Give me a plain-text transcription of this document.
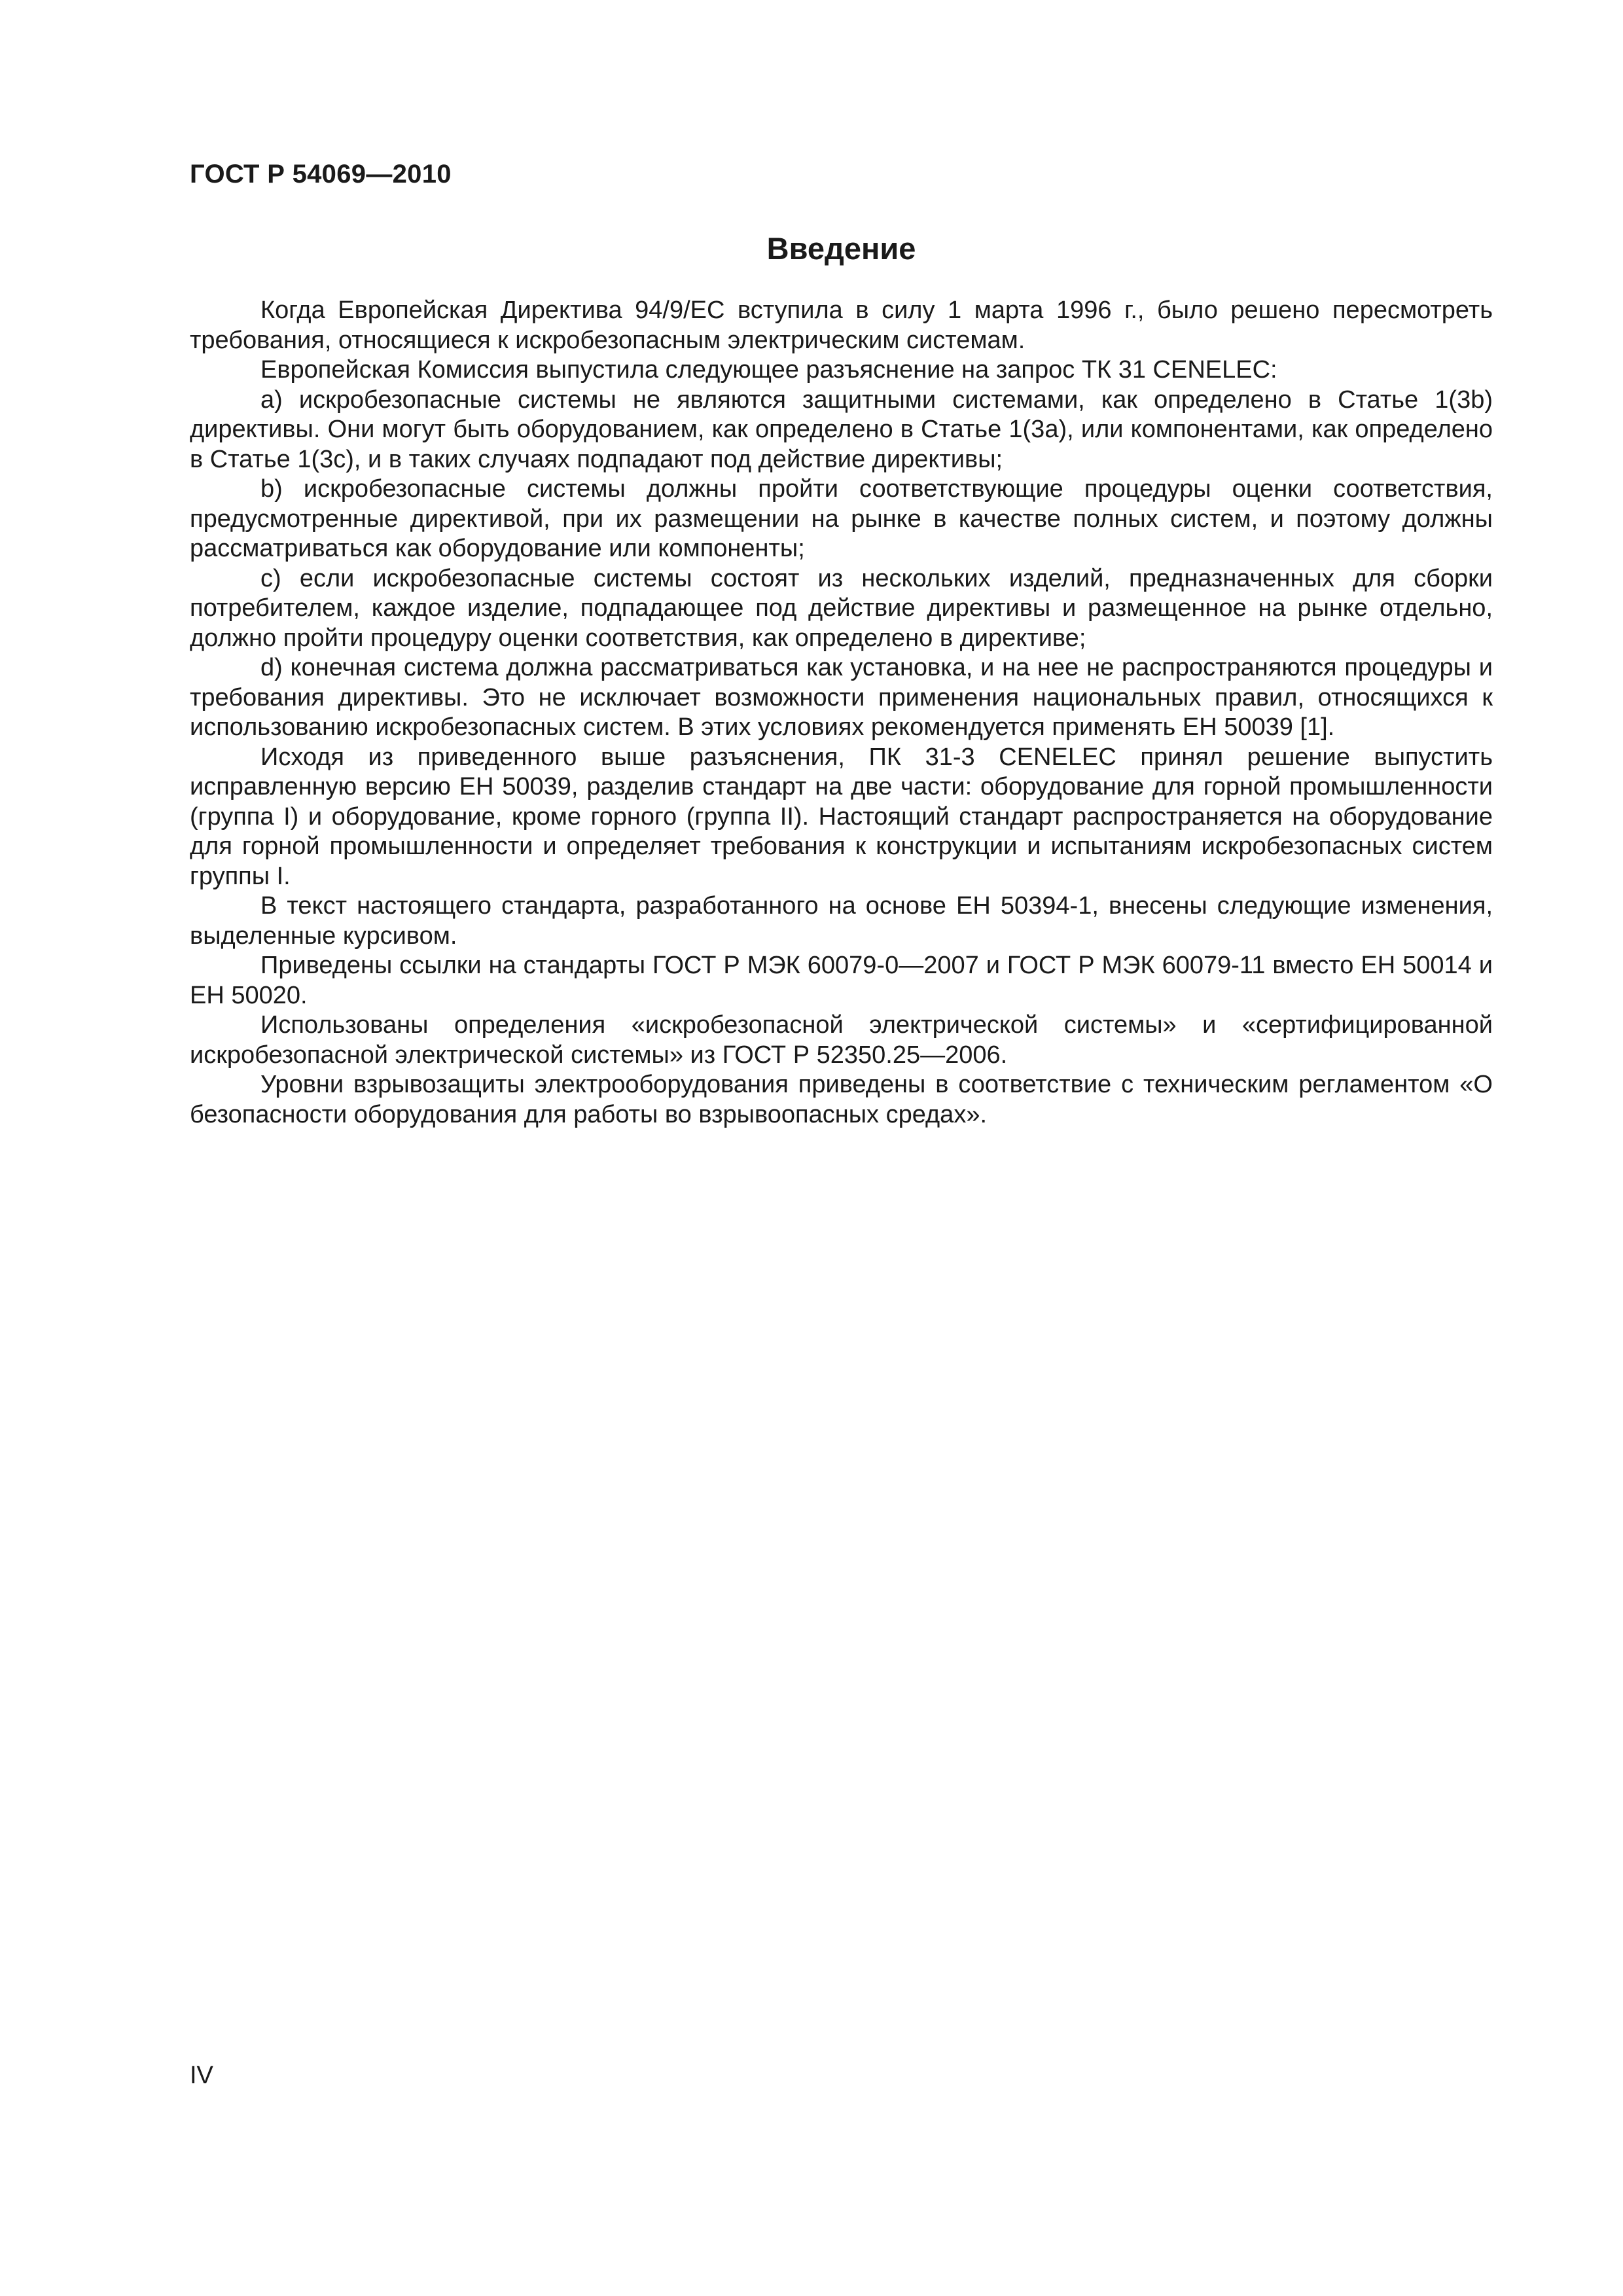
ГОСТ Р 54069—2010
Введение

Когда Европейская Директива 94/9/ЕС вступила в силу 1 марта 1996 г., было решено пересмотреть требования, относящиеся к искробезопасным электрическим системам.

Европейская Комиссия выпустила следующее разъяснение на запрос ТК 31 CENELEC:

a) искробезопасные системы не являются защитными системами, как определено в Статье 1(3b) директивы. Они могут быть оборудованием, как определено в Статье 1(3a), или компонентами, как определено в Статье 1(3c), и в таких случаях подпадают под действие директивы;

b) искробезопасные системы должны пройти соответствующие процедуры оценки соответствия, предусмотренные директивой, при их размещении на рынке в качестве полных систем, и поэтому должны рассматриваться как оборудование или компоненты;

c) если искробезопасные системы состоят из нескольких изделий, предназначенных для сборки потребителем, каждое изделие, подпадающее под действие директивы и размещенное на рынке отдельно, должно пройти процедуру оценки соответствия, как определено в директиве;

d) конечная система должна рассматриваться как установка, и на нее не распространяются процедуры и требования директивы. Это не исключает возможности применения национальных правил, относящихся к использованию искробезопасных систем. В этих условиях рекомендуется применять ЕН 50039 [1].

Исходя из приведенного выше разъяснения, ПК 31-3 CENELEC принял решение выпустить исправленную версию ЕН 50039, разделив стандарт на две части: оборудование для горной промышленности (группа I) и оборудование, кроме горного (группа II). Настоящий стандарт распространяется на оборудование для горной промышленности и определяет требования к конструкции и испытаниям искробезопасных систем группы I.

В текст настоящего стандарта, разработанного на основе ЕН 50394-1, внесены следующие изменения, выделенные курсивом.

Приведены ссылки на стандарты ГОСТ Р МЭК 60079-0—2007 и ГОСТ Р МЭК 60079-11 вместо ЕН 50014 и ЕН 50020.

Использованы определения «искробезопасной электрической системы» и «сертифицированной искробезопасной электрической системы» из ГОСТ Р 52350.25—2006.

Уровни взрывозащиты электрооборудования приведены в соответствие с техническим регламентом «О безопасности оборудования для работы во взрывоопасных средах».

IV
